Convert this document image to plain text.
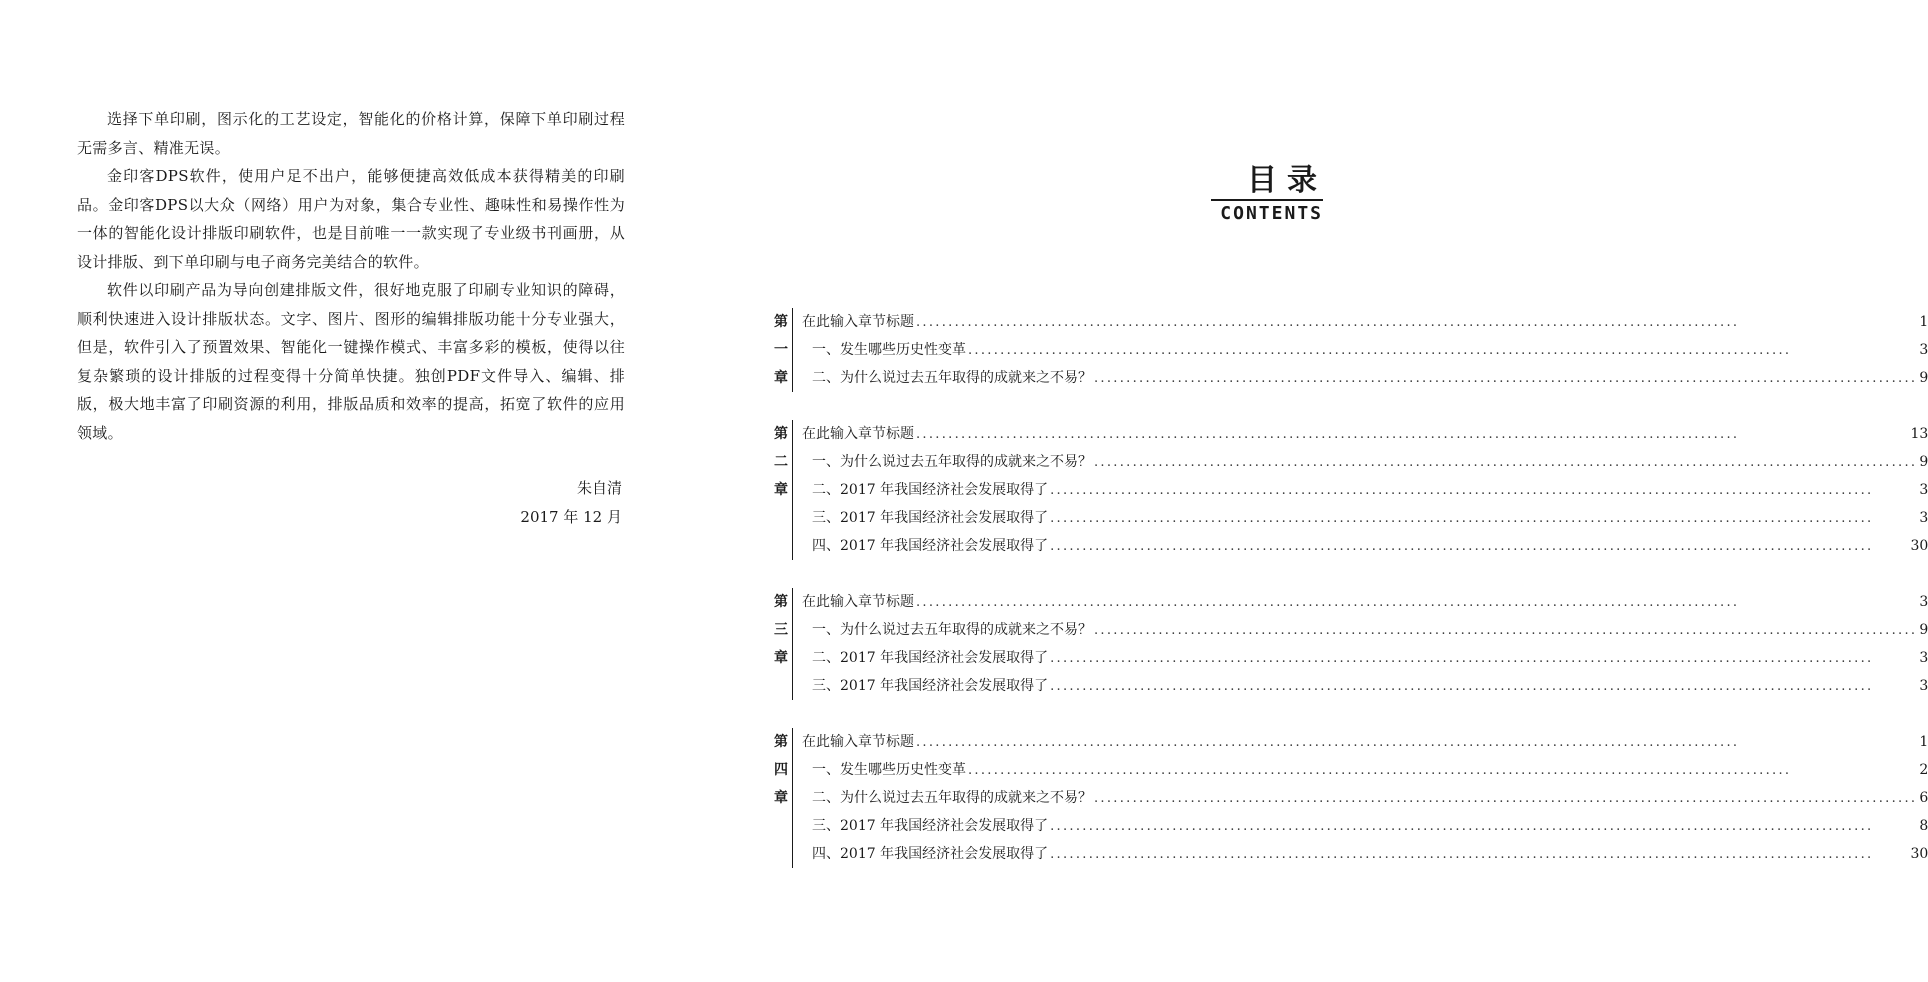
选择下单印刷，图示化的工艺设定，智能化的价格计算，保障下单印刷过程无需多言、精准无误。

金印客DPS软件，使用户足不出户，能够便捷高效低成本获得精美的印刷品。金印客DPS以大众（网络）用户为对象，集合专业性、趣味性和易操作性为一体的智能化设计排版印刷软件，也是目前唯一一款实现了专业级书刊画册，从设计排版、到下单印刷与电子商务完美结合的软件。

软件以印刷产品为导向创建排版文件，很好地克服了印刷专业知识的障碍，顺利快速进入设计排版状态。文字、图片、图形的编辑排版功能十分专业强大，但是，软件引入了预置效果、智能化一键操作模式、丰富多彩的模板，使得以往复杂繁琐的设计排版的过程变得十分简单快捷。独创PDF文件导入、编辑、排版，极大地丰富了印刷资源的利用，排版品质和效率的提高，拓宽了软件的应用领域。

朱自清
2017 年 12 月
目录
CONTENTS
第一章
在此输入章节标题 .....	1
一、发生哪些历史性变革 .....	3
二、为什么说过去五年取得的成就来之不易？ .....	9
第二章
在此输入章节标题 .....	13
一、为什么说过去五年取得的成就来之不易？ .....	9
二、2017 年我国经济社会发展取得了 .....	3
三、2017 年我国经济社会发展取得了 .....	3
四、2017 年我国经济社会发展取得了 .....	30
第三章
在此输入章节标题 .....	3
一、为什么说过去五年取得的成就来之不易？ .....	9
二、2017 年我国经济社会发展取得了 .....	3
三、2017 年我国经济社会发展取得了 .....	3
第四章
在此输入章节标题 .....	1
一、发生哪些历史性变革 .....	2
二、为什么说过去五年取得的成就来之不易？ .....	6
三、2017 年我国经济社会发展取得了 .....	8
四、2017 年我国经济社会发展取得了 .....	30
